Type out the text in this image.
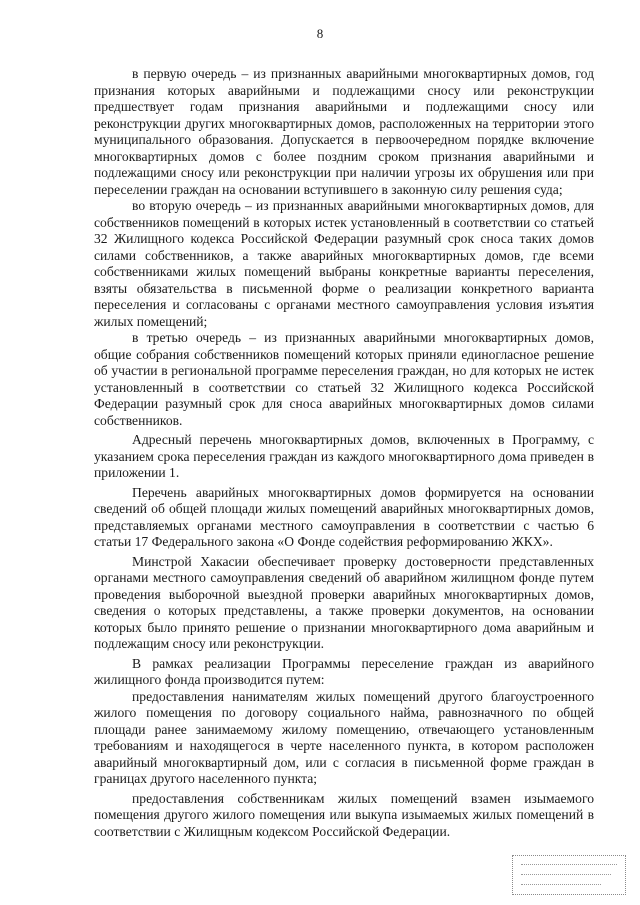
8

в первую очередь – из признанных аварийными многоквартирных домов, год признания которых аварийными и подлежащими сносу или реконструкции предшествует годам признания аварийными и подлежащими сносу или реконструкции других многоквартирных домов, расположенных на территории этого муниципального образования. Допускается в первоочередном порядке включение многоквартирных домов с более поздним сроком признания аварийными и подлежащими сносу или реконструкции при наличии угрозы их обрушения или при переселении граждан на основании вступившего в законную силу решения суда;

во вторую очередь – из признанных аварийными многоквартирных домов, для собственников помещений в которых истек установленный в соответствии со статьей 32 Жилищного кодекса Российской Федерации разумный срок сноса таких домов силами собственников, а также аварийных многоквартирных домов, где всеми собственниками жилых помещений выбраны конкретные варианты переселения, взяты обязательства в письменной форме о реализации конкретного варианта переселения и согласованы с органами местного самоуправления условия изъятия жилых помещений;

в третью очередь – из признанных аварийными многоквартирных домов, общие собрания собственников помещений которых приняли единогласное решение об участии в региональной программе переселения граждан, но для которых не истек установленный в соответствии со статьей 32 Жилищного кодекса Российской Федерации разумный срок для сноса аварийных многоквартирных домов силами собственников.

Адресный перечень многоквартирных домов, включенных в Программу, с указанием срока переселения граждан из каждого многоквартирного дома приведен в приложении 1.

Перечень аварийных многоквартирных домов формируется на основании сведений об общей площади жилых помещений аварийных многоквартирных домов, представляемых органами местного самоуправления в соответствии с частью 6 статьи 17 Федерального закона «О Фонде содействия реформированию ЖКХ».

Минстрой Хакасии обеспечивает проверку достоверности представленных органами местного самоуправления сведений об аварийном жилищном фонде путем проведения выборочной выездной проверки аварийных многоквартирных домов, сведения о которых представлены, а также проверки документов, на основании которых было принято решение о признании многоквартирного дома аварийным и подлежащим сносу или реконструкции.

В рамках реализации Программы переселение граждан из аварийного жилищного фонда производится путем:

предоставления нанимателям жилых помещений другого благоустроенного жилого помещения по договору социального найма, равнозначного по общей площади ранее занимаемому жилому помещению, отвечающего установленным требованиям и находящегося в черте населенного пункта, в котором расположен аварийный многоквартирный дом, или с согласия в письменной форме граждан в границах другого населенного пункта;

предоставления собственникам жилых помещений взамен изымаемого помещения другого жилого помещения или выкупа изымаемых жилых помещений в соответствии с Жилищным кодексом Российской Федерации.
